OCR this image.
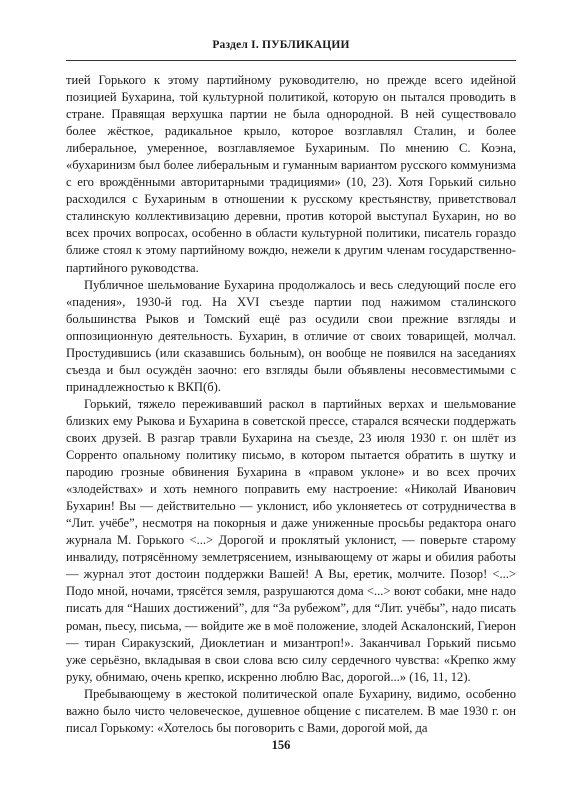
Раздел I. ПУБЛИКАЦИИ

тией Горького к этому партийному руководителю, но прежде всего идейной позицией Бухарина, той культурной политикой, которую он пытался проводить в стране. Правящая верхушка партии не была однородной. В ней существовало более жёсткое, радикальное крыло, которое возглавлял Сталин, и более либеральное, умеренное, возглавляемое Бухариным. По мнению С. Коэна, «бухаринизм был более либеральным и гуманным вариантом русского коммунизма с его врождёнными авторитарными традициями» (10, 23). Хотя Горький сильно расходился с Бухариным в отношении к русскому крестьянству, приветствовал сталинскую коллективизацию деревни, против которой выступал Бухарин, но во всех прочих вопросах, особенно в области культурной политики, писатель гораздо ближе стоял к этому партийному вождю, нежели к другим членам государственно-партийного руководства.

Публичное шельмование Бухарина продолжалось и весь следующий после его «падения», 1930-й год. На XVI съезде партии под нажимом сталинского большинства Рыков и Томский ещё раз осудили свои прежние взгляды и оппозиционную деятельность. Бухарин, в отличие от своих товарищей, молчал. Простудившись (или сказавшись больным), он вообще не появился на заседаниях съезда и был осуждён заочно: его взгляды были объявлены несовместимыми с принадлежностью к ВКП(б).

Горький, тяжело переживавший раскол в партийных верхах и шельмование близких ему Рыкова и Бухарина в советской прессе, старался всячески поддержать своих друзей. В разгар травли Бухарина на съезде, 23 июля 1930 г. он шлёт из Сорренто опальному политику письмо, в котором пытается обратить в шутку и пародию грозные обвинения Бухарина в «правом уклоне» и во всех прочих «злодействах» и хоть немного поправить ему настроение: «Николай Иванович Бухарин! Вы — действительно — уклонист, ибо уклоняетесь от сотрудничества в “Лит. учёбе”, несмотря на покорныя и даже униженные просьбы редактора онаго журнала М. Горького <...> Дорогой и проклятый уклонист, — поверьте старому инвалиду, потрясённому землетрясением, изнывающему от жары и обилия работы — журнал этот достоин поддержки Вашей! А Вы, еретик, молчите. Позор! <...> Подо мной, ночами, трясётся земля, разрушаются дома <...> воют собаки, мне надо писать для “Наших достижений”, для “За рубежом”, для “Лит. учёбы”, надо писать роман, пьесу, письма, — войдите же в моё положение, злодей Аскалонский, Гиерон — тиран Сиракузский, Диоклетиан и мизантроп!». Заканчивал Горький письмо уже серьёзно, вкладывая в свои слова всю силу сердечного чувства: «Крепко жму руку, обнимаю, очень крепко, искренно люблю Вас, дорогой...» (16, 11, 12).

Пребывающему в жестокой политической опале Бухарину, видимо, особенно важно было чисто человеческое, душевное общение с писателем. В мае 1930 г. он писал Горькому: «Хотелось бы поговорить с Вами, дорогой мой, да

156
